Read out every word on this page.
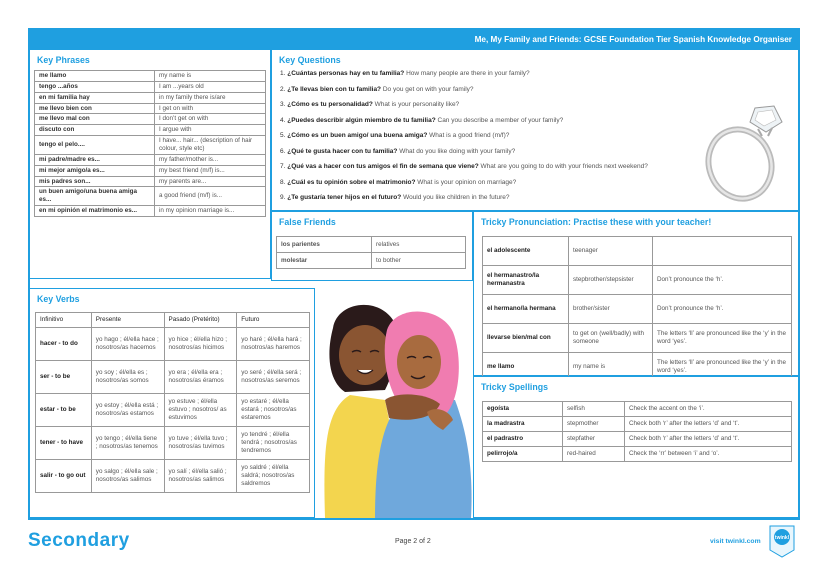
Me, My Family and Friends: GCSE Foundation Tier Spanish Knowledge Organiser
Key Phrases
me llamo	my name is
tengo ...años	I am ...years old
en mi familia hay	in my family there is/are
me llevo bien con	I get on with
me llevo mal con	I don’t get on with
discuto con	I argue with
tengo el pelo....	I have... hair... (description of hair colour, style etc)
mi padre/madre es...	my father/mother is...
mi mejor amigo/a es...	my best friend (m/f) is...
mis padres son...	my parents are...
un buen amigo/una buena amiga es...	a good friend (m/f) is...
en mi opinión el matrimonio es...	in my opinion marriage is...
Key Questions
1. ¿Cuántas personas hay en tu familia? How many people are there in your family?
2. ¿Te llevas bien con tu familia? Do you get on with your family?
3. ¿Cómo es tu personalidad? What is your personality like?
4. ¿Puedes describir algún miembro de tu familia? Can you describe a member of your family?
5. ¿Cómo es un buen amigo/ una buena amiga? What is a good friend (m/f)?
6. ¿Qué te gusta hacer con tu familia? What do you like doing with your family?
7. ¿Qué vas a hacer con tus amigos el fin de semana que viene? What are you going to do with your friends next weekend?
8. ¿Cuál es tu opinión sobre el matrimonio? What is your opinion on marriage?
9. ¿Te gustaría tener hijos en el futuro? Would you like children in the future?
False Friends
los parientes	relatives
molestar	to bother
Tricky Pronunciation: Practise these with your teacher!
el adolescente	teenager	
el hermanastro/la hermanastra	stepbrother/stepsister	Don’t pronounce the ‘h’.
el hermano/la hermana	brother/sister	Don’t pronounce the ‘h’.
llevarse bien/mal con	to get on (well/badly) with someone	The letters ‘ll’ are pronounced like the ‘y’ in the word ‘yes’.
me llamo	my name is	The letters ‘ll’ are pronounced like the ‘y’ in the word ‘yes’.
Key Verbs
Infinitivo	Presente	Pasado (Pretérito)	Futuro
hacer - to do	yo hago ; él/ella hace ; nosotros/as hacemos	yo hice ; él/ella hizo ; nosotros/as hicimos	yo haré ; él/ella hará ; nosotros/as haremos
ser - to be	yo soy ; él/ella es ; nosotros/as somos	yo era ; él/ella era ; nosotros/as éramos	yo seré ; él/ella será ; nosotros/as seremos
estar - to be	yo estoy ; él/ella está ; nosotros/as estamos	yo estuve ; él/ella estuvo ; nosotros/ as estuvimos	yo estaré ; él/ella estará ; nosotros/as estaremos
tener - to have	yo tengo ; él/ella tiene ; nosotros/as tenemos	yo tuve ; él/ella tuvo ; nosotros/as tuvimos	yo tendré ; él/ella tendrá ; nosotros/as tendremos
salir - to go out	yo salgo ; él/ella sale ; nosotros/as salimos	yo salí ; él/ella salió ; nosotros/as salimos	yo saldré ; él/ella saldrá; nosotros/as saldremos
Tricky Spellings
egoísta	selfish	Check the accent on the ‘i’.
la madrastra	stepmother	Check both ‘r’ after the letters ‘d’ and ‘t’.
el padrastro	stepfather	Check both ‘r’ after the letters ‘d’ and ‘t’.
pelirrojo/a	red-haired	Check the ‘rr’ between ‘i’ and ‘o’.
Secondary	Page 2 of 2	visit twinkl.com	twinkl
